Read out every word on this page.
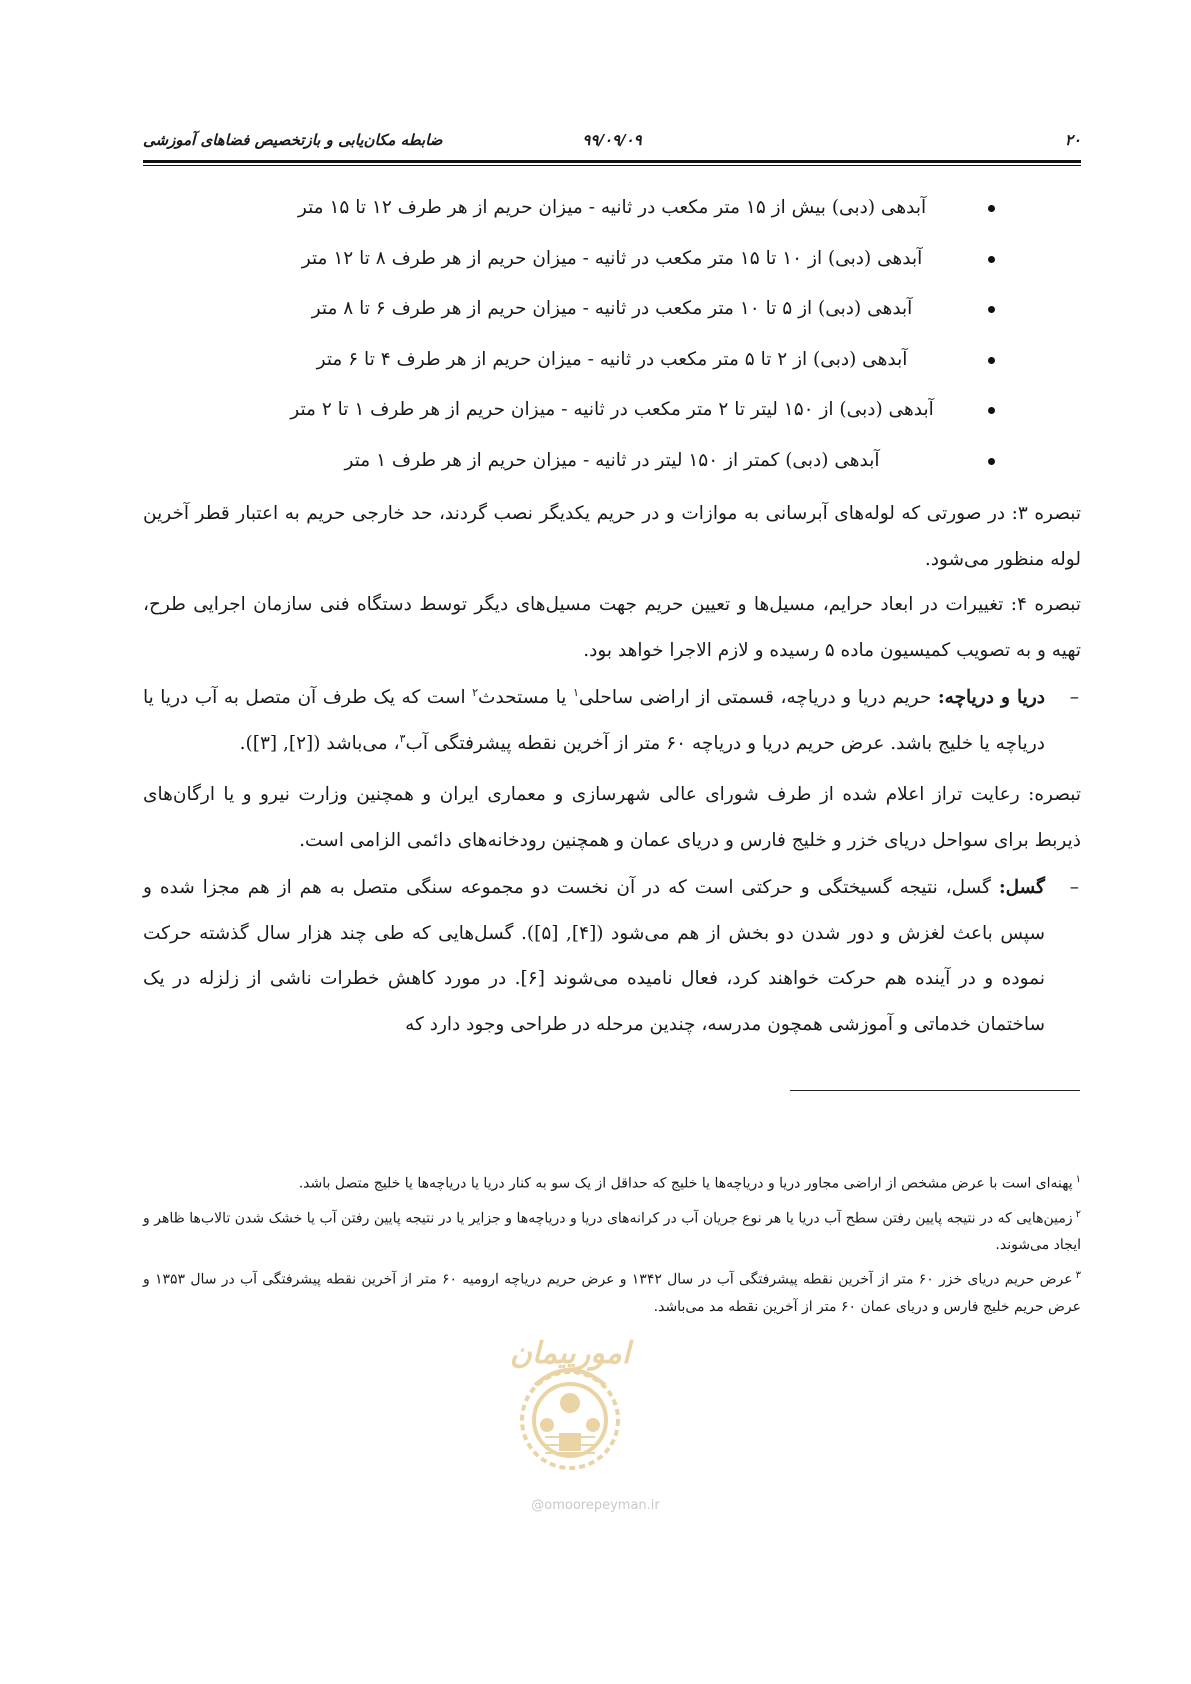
۲۰
۹۹/۰۹/۰۹
ضابطه مکان‌یابی و بازتخصیص فضاهای آموزشی
آبدهی (دبی) بیش از ۱۵ متر مکعب در ثانیه - میزان حریم از هر طرف ۱۲ تا ۱۵ متر
آبدهی (دبی) از ۱۰ تا ۱۵ متر مکعب در ثانیه - میزان حریم از هر طرف ۸ تا ۱۲ متر
آبدهی (دبی) از ۵ تا ۱۰ متر مکعب در ثانیه - میزان حریم از هر طرف ۶ تا ۸ متر
آبدهی (دبی) از ۲ تا ۵ متر مکعب در ثانیه - میزان حریم از هر طرف ۴ تا ۶ متر
آبدهی (دبی) از ۱۵۰ لیتر تا ۲ متر مکعب در ثانیه - میزان حریم از هر طرف ۱ تا ۲ متر
آبدهی (دبی) کمتر از ۱۵۰ لیتر در ثانیه - میزان حریم از هر طرف ۱ متر

تبصره ۳: در صورتی که لوله‌های آبرسانی به موازات و در حریم یکدیگر نصب گردند، حد خارجی حریم به اعتبار قطر آخرین لوله منظور می‌شود.

تبصره ۴: تغییرات در ابعاد حرایم، مسیل‌ها و تعیین حریم جهت مسیل‌های دیگر توسط دستگاه فنی سازمان اجرایی طرح، تهیه و به تصویب کمیسیون ماده ۵ رسیده و لازم الاجرا خواهد بود.

–

دریا و دریاچه: حریم دریا و دریاچه، قسمتی از اراضی ساحلی$^۱$ یا مستحدث$^۲$ است که یک طرف آن متصل به آب دریا یا دریاچه یا خلیج باشد. عرض حریم دریا و دریاچه ۶۰ متر از آخرین نقطه پیشرفتگی آب$^۳$، می‌باشد ([۲], [۳]).

تبصره: رعایت تراز اعلام شده از طرف شورای عالی شهرسازی و معماری ایران و همچنین وزارت نیرو و یا ارگان‌های ذیربط برای سواحل دریای خزر و خلیج فارس و دریای عمان و همچنین رودخانه‌های دائمی الزامی است.

–

گسل: گسل، نتیجه گسیختگی و حرکتی است که در آن نخست دو مجموعه سنگی متصل به هم از هم مجزا شده و سپس باعث لغزش و دور شدن دو بخش از هم می‌شود ([۴], [۵]). گسل‌هایی که طی چند هزار سال گذشته حرکت نموده و در آینده هم حرکت خواهند کرد، فعال نامیده می‌شوند [۶]. در مورد کاهش خطرات ناشی از زلزله در یک ساختمان خدماتی و آموزشی همچون مدرسه، چندین مرحله در طراحی وجود دارد که

$^۱$پهنه‌ای است با عرض مشخص از اراضی مجاور دریا و دریاچه‌ها یا خلیج که حداقل از یک سو به کنار دریا یا دریاچه‌ها یا خلیج متصل باشد.

$^۲$زمین‌هایی که در نتیجه پایین رفتن سطح آب دریا یا هر نوع جریان آب در کرانه‌های دریا و دریاچه‌ها و جزایر یا در نتیجه پایین رفتن آب یا خشک شدن تالاب‌ها ظاهر و ایجاد می‌شوند.

$^۳$عرض حریم دریای خزر ۶۰ متر از آخرین نقطه پیشرفتگی آب در سال ۱۳۴۲ و عرض حریم دریاچه ارومیه ۶۰ متر از آخرین نقطه پیشرفتگی آب در سال ۱۳۵۳ و عرض حریم خلیج فارس و دریای عمان ۶۰ متر از آخرین نقطه مد می‌باشد.

امورپیمان
@omoorepeyman.ir
